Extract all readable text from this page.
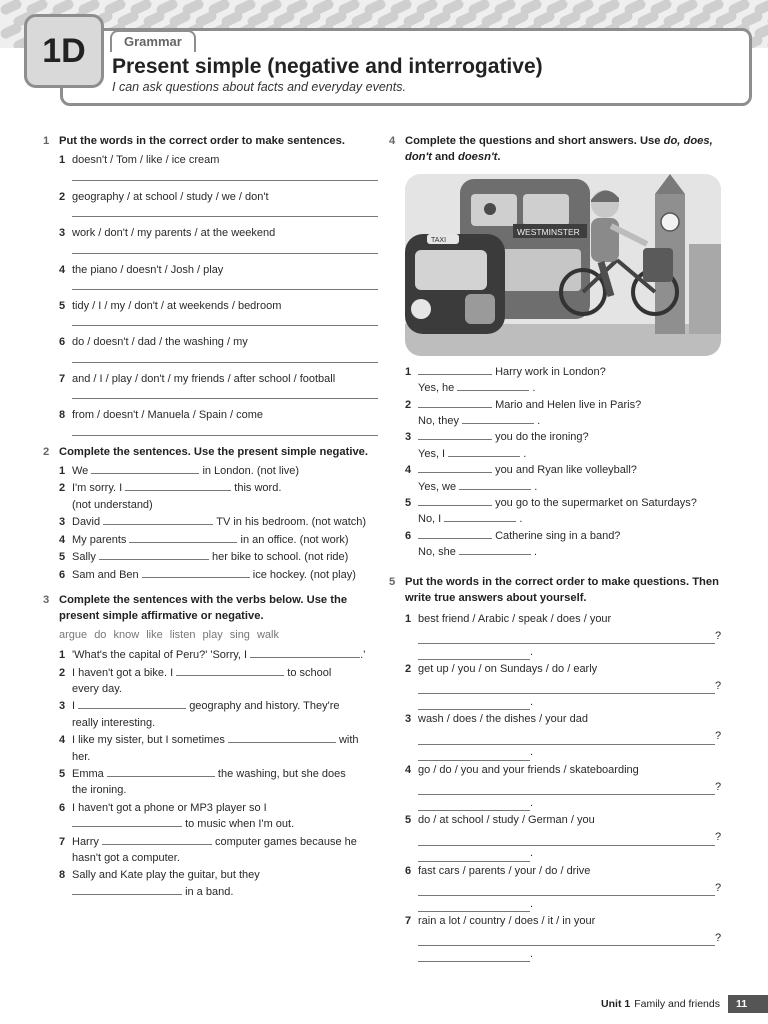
1D	Grammar
Present simple (negative and interrogative)
I can ask questions about facts and everyday events.
1 Put the words in the correct order to make sentences.
1 doesn't / Tom / like / ice cream
2 geography / at school / study / we / don't
3 work / don't / my parents / at the weekend
4 the piano / doesn't / Josh / play
5 tidy / I / my / don't / at weekends / bedroom
6 do / doesn't / dad / the washing / my
7 and / I / play / don't / my friends / after school / football
8 from / doesn't / Manuela / Spain / come
2 Complete the sentences. Use the present simple negative.
1 We

	in London. (not live)
2 I'm sorry. I

	this word.
(not understand)
3 David

	TV in his bedroom. (not watch)
4 My parents

	in an office. (not work)
5 Sally

	her bike to school. (not ride)
6 Sam and Ben

	ice hockey. (not play)
3 Complete the sentences with the verbs below. Use the present simple affirmative or negative.
argue do know like listen play sing walk
1 'What's the capital of Peru?' 'Sorry, I
	.'
2 I haven't got a bike. I

	to school
every day.
3 I

	geography and history. They're
really interesting.
4 I like my sister, but I sometimes

	with
her.
5 Emma

	the washing, but she does
the ironing.
6 I haven't got a phone or MP3 player so I
to music when I'm out.
7 Harry

	computer games because he
hasn't got a computer.
8 Sally and Kate play the guitar, but they
in a band.
4 Complete the questions and short answers. Use do, does, don't and doesn't.
WESTMINSTER
TAXI
1
	Harry work in London?
Yes, he	.
2
	Mario and Helen live in Paris?
No, they	.
3
	you do the ironing?
Yes, I	.
4
	you and Ryan like volleyball?
Yes, we	.
5
	you go to the supermarket on Saturdays?
No, I	.
6
	Catherine sing in a band?
No, she	.
5 Put the words in the correct order to make questions. Then write true answers about yourself.
1 best friend / Arabic / speak / does / your
?
.
2 get up / you / on Sundays / do / early
?
.
3 wash / does / the dishes / your dad
?
.
4 go / do / you and your friends / skateboarding
?
.
5 do / at school / study / German / you
?
.
6 fast cars / parents / your / do / drive
?
.
7 rain a lot / country / does / it / in your
?
.
Unit 1 Family and friends	11
